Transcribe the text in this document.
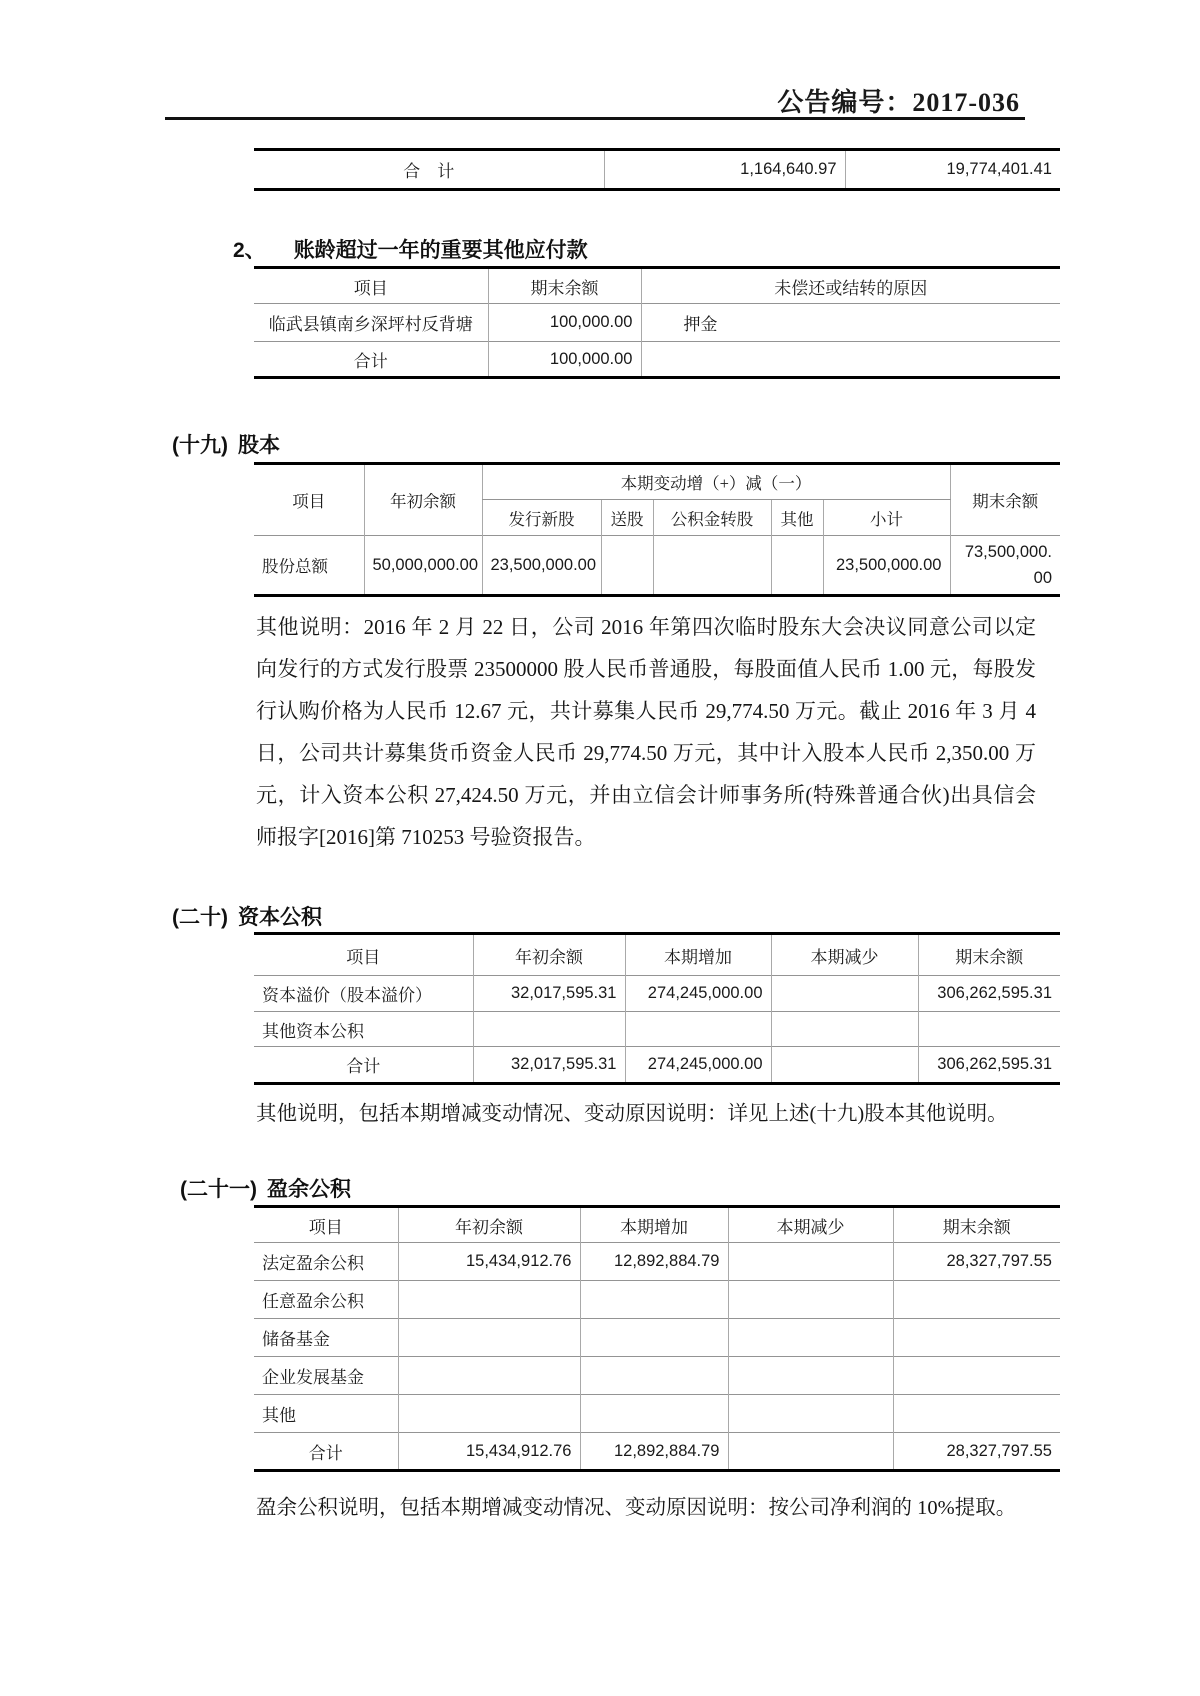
公告编号：2017-036
合　计	1,164,640.97	19,774,401.41
2、 账龄超过一年的重要其他应付款
项目	期末余额	未偿还或结转的原因
临武县镇南乡深坪村反背塘	100,000.00	押金
合计	100,000.00	
(十九) 股本
项目	年初余额	本期变动增（+）减（一）					期末余额
		发行新股	送股	公积金转股	其他	小计	
股份总额	50,000,000.00	23,500,000.00				23,500,000.00	73,500,000.00
其他说明：2016 年 2 月 22 日，公司 2016 年第四次临时股东大会决议同意公司以定向发行的方式发行股票 23500000 股人民币普通股，每股面值人民币 1.00 元，每股发行认购价格为人民币 12.67 元，共计募集人民币 29,774.50 万元。截止 2016 年 3 月 4 日，公司共计募集货币资金人民币 29,774.50 万元，其中计入股本人民币 2,350.00 万元，计入资本公积 27,424.50 万元，并由立信会计师事务所(特殊普通合伙)出具信会师报字[2016]第 710253 号验资报告。
(二十) 资本公积
项目	年初余额	本期增加	本期减少	期末余额
资本溢价（股本溢价）	32,017,595.31	274,245,000.00		306,262,595.31
其他资本公积				
合计	32,017,595.31	274,245,000.00		306,262,595.31
其他说明，包括本期增减变动情况、变动原因说明：详见上述(十九)股本其他说明。
(二十一) 盈余公积
项目	年初余额	本期增加	本期减少	期末余额
法定盈余公积	15,434,912.76	12,892,884.79		28,327,797.55
任意盈余公积				
储备基金				
企业发展基金				
其他				
合计	15,434,912.76	12,892,884.79		28,327,797.55
盈余公积说明，包括本期增减变动情况、变动原因说明：按公司净利润的 10%提取。
